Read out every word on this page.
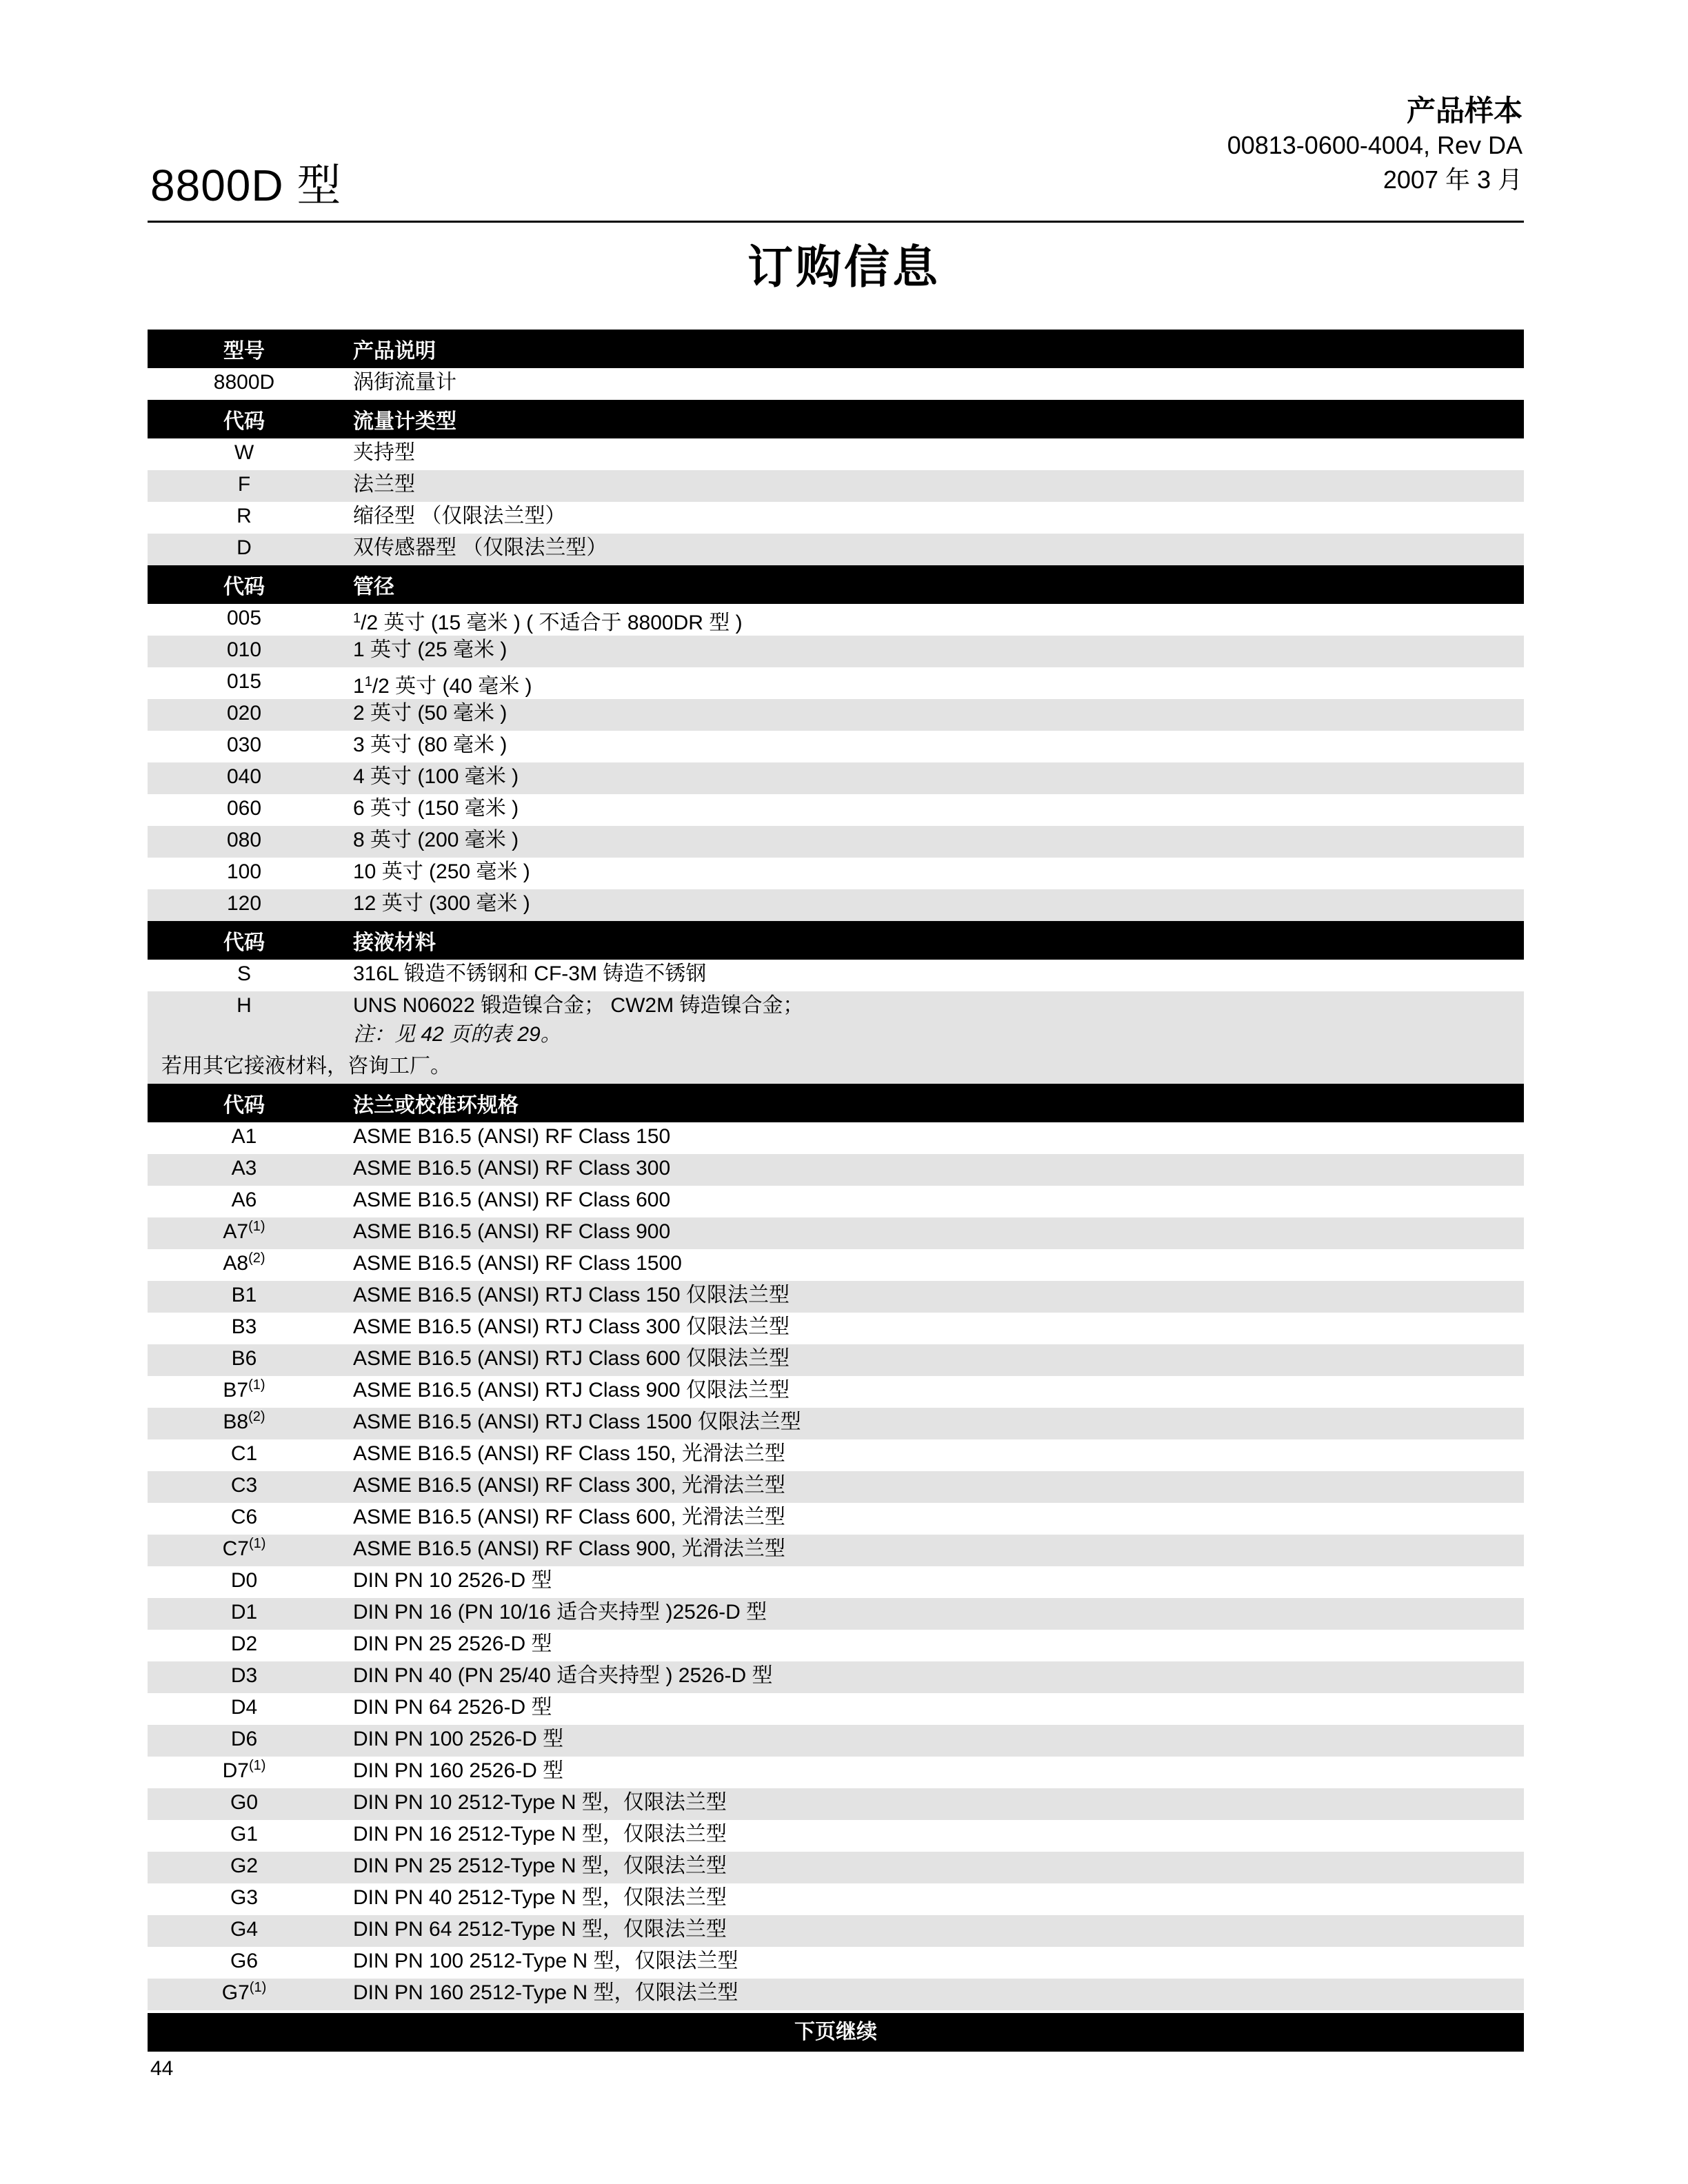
8800D 型
产品样本
00813-0600-4004, Rev DA
2007 年 3 月
订购信息
型号	产品说明
8800D	涡街流量计
代码	流量计类型
W	夹持型
F	法兰型
R	缩径型 （仅限法兰型）
D	双传感器型 （仅限法兰型）
代码	管径
005	$^1$/2 英寸 (15 毫米 ) ( 不适合于 8800DR 型 )
010	1 英寸 (25 毫米 )
015	$1^1/2$ 英寸 (40 毫米 )
020	2 英寸 (50 毫米 )
030	3 英寸 (80 毫米 )
040	4 英寸 (100 毫米 )
060	6 英寸 (150 毫米 )
080	8 英寸 (200 毫米 )
100	10 英寸 (250 毫米 )
120	12 英寸 (300 毫米 )
代码	接液材料
S	316L 锻造不锈钢和 CF-3M 铸造不锈钢
H	UNS N06022 锻造镍合金； CW2M 铸造镍合金；
注：见 42 页的表 29。
若用其它接液材料，咨询工厂。
代码	法兰或校准环规格
A1	ASME B16.5 (ANSI) RF Class 150
A3	ASME B16.5 (ANSI) RF Class 300
A6	ASME B16.5 (ANSI) RF Class 600
A7$^{(1)}$	ASME B16.5 (ANSI) RF Class 900
A8$^{(2)}$	ASME B16.5 (ANSI) RF Class 1500
B1	ASME B16.5 (ANSI) RTJ Class 150 仅限法兰型
B3	ASME B16.5 (ANSI) RTJ Class 300 仅限法兰型
B6	ASME B16.5 (ANSI) RTJ Class 600 仅限法兰型
B7$^{(1)}$	ASME B16.5 (ANSI) RTJ Class 900 仅限法兰型
B8$^{(2)}$	ASME B16.5 (ANSI) RTJ Class 1500 仅限法兰型
C1	ASME B16.5 (ANSI) RF Class 150, 光滑法兰型
C3	ASME B16.5 (ANSI) RF Class 300, 光滑法兰型
C6	ASME B16.5 (ANSI) RF Class 600, 光滑法兰型
C7$^{(1)}$	ASME B16.5 (ANSI) RF Class 900, 光滑法兰型
D0	DIN PN 10 2526-D 型
D1	DIN PN 16 (PN 10/16 适合夹持型 )2526-D 型
D2	DIN PN 25 2526-D 型
D3	DIN PN 40 (PN 25/40 适合夹持型 ) 2526-D 型
D4	DIN PN 64 2526-D 型
D6	DIN PN 100 2526-D 型
D7$^{(1)}$	DIN PN 160 2526-D 型
G0	DIN PN 10 2512-Type N 型，仅限法兰型
G1	DIN PN 16 2512-Type N 型，仅限法兰型
G2	DIN PN 25 2512-Type N 型，仅限法兰型
G3	DIN PN 40 2512-Type N 型，仅限法兰型
G4	DIN PN 64 2512-Type N 型，仅限法兰型
G6	DIN PN 100 2512-Type N 型，仅限法兰型
G7$^{(1)}$	DIN PN 160 2512-Type N 型，仅限法兰型
下页继续
44
